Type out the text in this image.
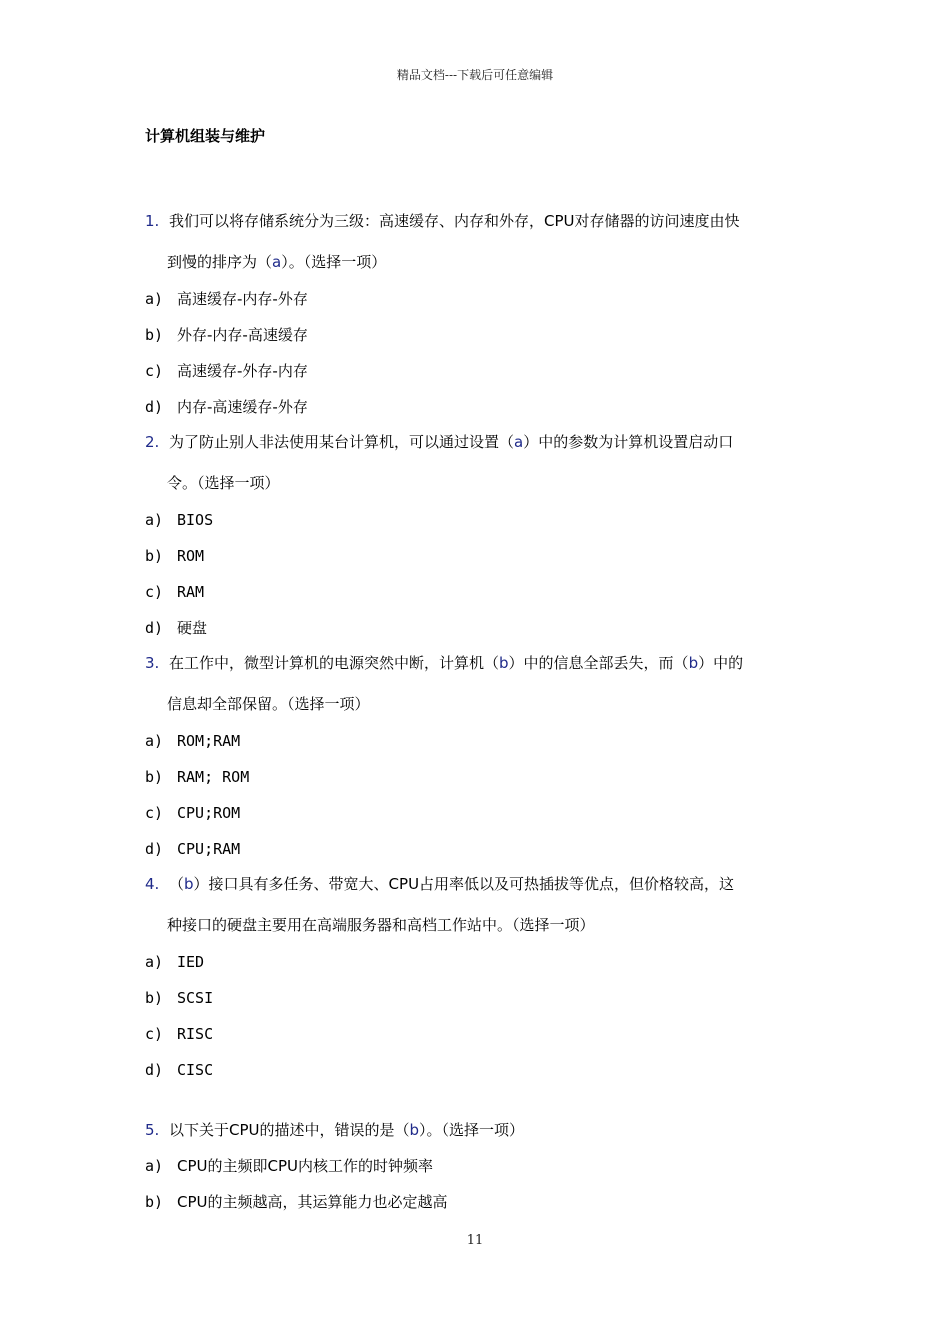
精品文档---下载后可任意编辑
计算机组装与维护
1. 我们可以将存储系统分为三级：高速缓存、内存和外存，CPU对存储器的访问速度由快
到慢的排序为（a）。（选择一项）
a) 高速缓存-内存-外存
b) 外存-内存-高速缓存
c) 高速缓存-外存-内存
d) 内存-高速缓存-外存
2. 为了防止别人非法使用某台计算机，可以通过设置（a）中的参数为计算机设置启动口
令。（选择一项）
a) BIOS
b) ROM
c) RAM
d) 硬盘
3. 在工作中，微型计算机的电源突然中断，计算机（b）中的信息全部丢失，而（b）中的
信息却全部保留。（选择一项）
a) ROM;RAM
b) RAM; ROM
c) CPU;ROM
d) CPU;RAM
4. （b）接口具有多任务、带宽大、CPU占用率低以及可热插拔等优点，但价格较高，这
种接口的硬盘主要用在高端服务器和高档工作站中。（选择一项）
a) IED
b) SCSI
c) RISC
d) CISC
5. 以下关于CPU的描述中，错误的是（b）。（选择一项）
a) CPU的主频即CPU内核工作的时钟频率
b) CPU的主频越高，其运算能力也必定越高
11
